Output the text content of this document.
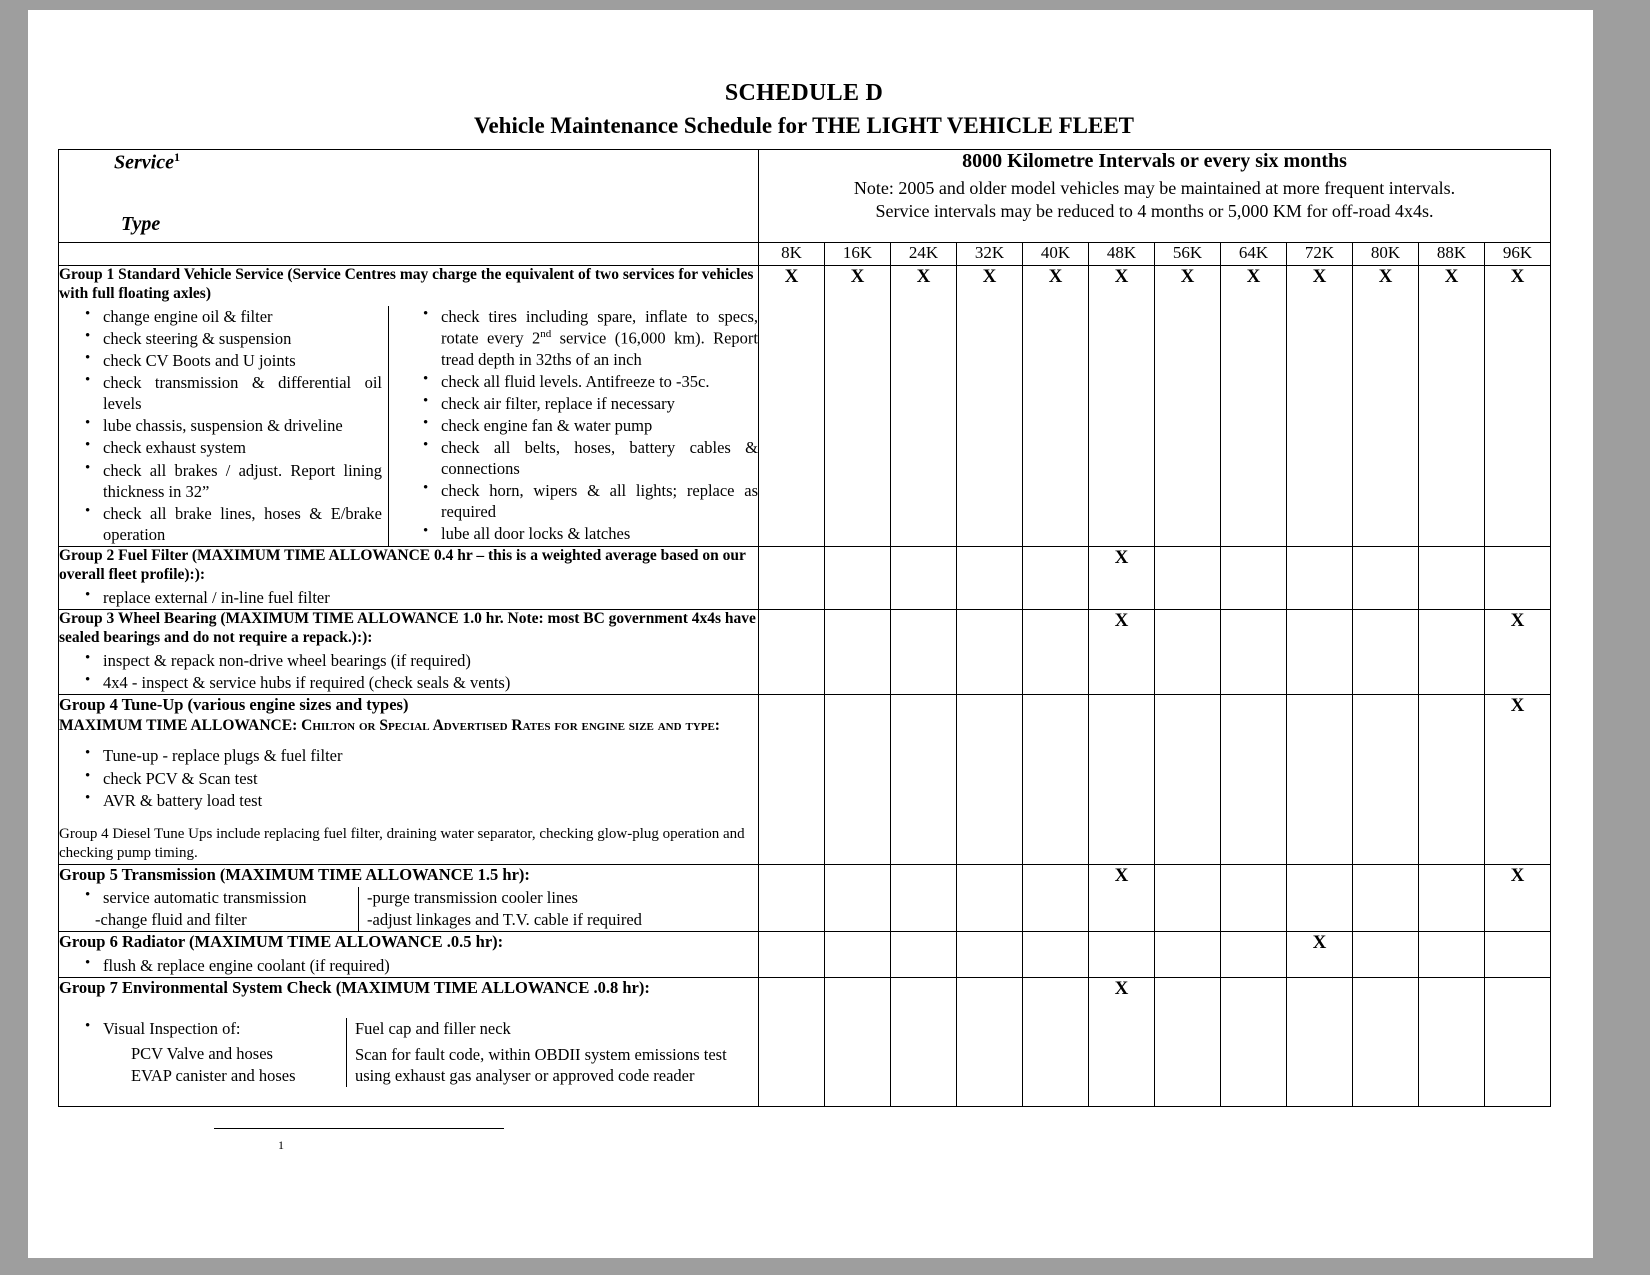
SCHEDULE D
Vehicle Maintenance Schedule for THE LIGHT VEHICLE FLEET
Service$^1$
Type

8000 Kilometre Intervals or every six months
Note: 2005 and older model vehicles may be maintained at more frequent intervals.
Service intervals may be reduced to 4 months or 5,000 KM for off-road 4x4s.

	8K	16K	24K	32K	40K	48K	56K	64K	72K	80K	88K	96K

Group 1 Standard Vehicle Service (Service Centres may charge the equivalent of two services for vehicles with full floating axles)
• change engine oil & filter
• check steering & suspension
• check CV Boots and U joints
• check transmission & differential oil levels
• lube chassis, suspension & driveline
• check exhaust system
• check all brakes / adjust. Report lining thickness in 32”
• check all brake lines, hoses & E/brake operation
• check tires including spare, inflate to specs, rotate every 2nd service (16,000 km). Report tread depth in 32ths of an inch
• check all fluid levels. Antifreeze to -35c.
• check air filter, replace if necessary
• check engine fan & water pump
• check all belts, hoses, battery cables & connections
• check horn, wipers & all lights; replace as required
• lube all door locks & latches
	X	X	X	X	X	X	X	X	X	X	X	X

Group 2 Fuel Filter (MAXIMUM TIME ALLOWANCE 0.4 hr – this is a weighted average based on our overall fleet profile):):
• replace external / in-line fuel filter
						X						

Group 3 Wheel Bearing (MAXIMUM TIME ALLOWANCE 1.0 hr. Note: most BC government 4x4s have sealed bearings and do not require a repack.):):
• inspect & repack non-drive wheel bearings (if required)
• 4x4 - inspect & service hubs if required (check seals & vents)
						X						X

Group 4 Tune-Up (various engine sizes and types)
MAXIMUM TIME ALLOWANCE: Chilton or Special Advertised Rates for engine size and type:
• Tune-up - replace plugs & fuel filter
• check PCV & Scan test
• AVR & battery load test
Group 4 Diesel Tune Ups include replacing fuel filter, draining water separator, checking glow-plug operation and checking pump timing.
												X

Group 5 Transmission (MAXIMUM TIME ALLOWANCE 1.5 hr):
• service automatic transmission
-change fluid and filter
-purge transmission cooler lines
-adjust linkages and T.V. cable if required
						X						X

Group 6 Radiator (MAXIMUM TIME ALLOWANCE .0.5 hr):
• flush & replace engine coolant (if required)
									X			

Group 7 Environmental System Check (MAXIMUM TIME ALLOWANCE .0.8 hr):
• Visual Inspection of:
PCV Valve and hoses
EVAP canister and hoses
Fuel cap and filler neck
Scan for fault code, within OBDII system emissions test using exhaust gas analyser or approved code reader
						X						
1
